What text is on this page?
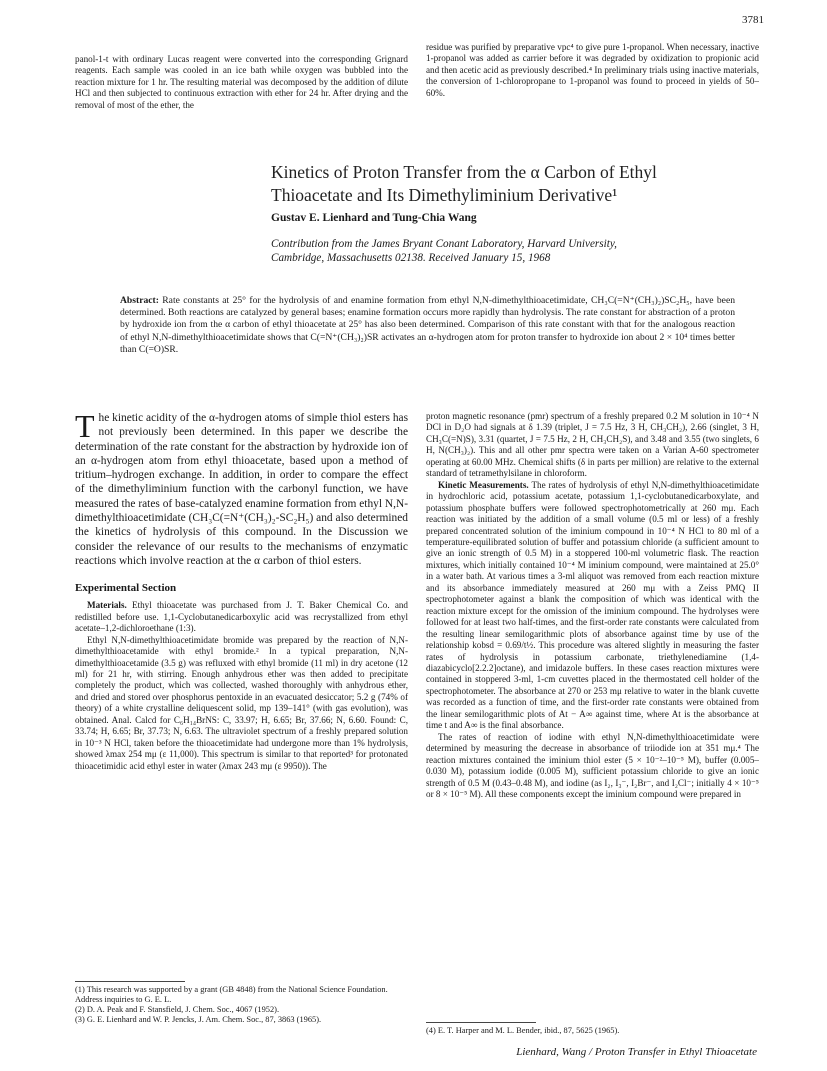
3781

panol-1-t with ordinary Lucas reagent were converted into the corresponding Grignard reagents. Each sample was cooled in an ice bath while oxygen was bubbled into the reaction mixture for 1 hr. The resulting material was decomposed by the addition of dilute HCl and then subjected to continuous extraction with ether for 24 hr. After drying and the removal of most of the ether, the

residue was purified by preparative vpc⁴ to give pure 1-propanol. When necessary, inactive 1-propanol was added as carrier before it was degraded by oxidization to propionic acid and then acetic acid as previously described.⁴ In preliminary trials using inactive materials, the conversion of 1-chloropropane to 1-propanol was found to proceed in yields of 50–60%.

Kinetics of Proton Transfer from the α Carbon of Ethyl
Thioacetate and Its Dimethyliminium Derivative¹
Gustav E. Lienhard and Tung-Chia Wang
Contribution from the James Bryant Conant Laboratory, Harvard University,
Cambridge, Massachusetts 02138. Received January 15, 1968
Abstract: Rate constants at 25° for the hydrolysis of and enamine formation from ethyl N,N-dimethylthioacetimidate, CH₃C(=N⁺(CH₃)₂)SC₂H₅, have been determined. Both reactions are catalyzed by general bases; enamine formation occurs more rapidly than hydrolysis. The rate constant for abstraction of a proton by hydroxide ion from the α carbon of ethyl thioacetate at 25° has also been determined. Comparison of this rate constant with that for the analogous reaction of ethyl N,N-dimethylthioacetimidate shows that C(=N⁺(CH₃)₂)SR activates an α-hydrogen atom for proton transfer to hydroxide ion about 2 × 10⁴ times better than C(=O)SR.
The kinetic acidity of the α-hydrogen atoms of simple thiol esters has not previously been determined. In this paper we describe the determination of the rate constant for the abstraction by hydroxide ion of an α-hydrogen atom from ethyl thioacetate, based upon a method of tritium–hydrogen exchange. In addition, in order to compare the effect of the dimethyliminium function with the carbonyl function, we have measured the rates of base-catalyzed enamine formation from ethyl N,N-dimethylthioacetimidate (CH₃C(=N⁺(CH₃)₂-SC₂H₅) and also determined the kinetics of hydrolysis of this compound. In the Discussion we consider the relevance of our results to the mechanisms of enzymatic reactions which involve reaction at the α carbon of thiol esters.
Experimental Section

Materials. Ethyl thioacetate was purchased from J. T. Baker Chemical Co. and redistilled before use. 1,1-Cyclobutanedicarboxylic acid was recrystallized from ethyl acetate–1,2-dichloroethane (1:3).

Ethyl N,N-dimethylthioacetimidate bromide was prepared by the reaction of N,N-dimethylthioacetamide with ethyl bromide.² In a typical preparation, N,N-dimethylthioacetamide (3.5 g) was refluxed with ethyl bromide (11 ml) in dry acetone (12 ml) for 21 hr, with stirring. Enough anhydrous ether was then added to precipitate completely the product, which was collected, washed thoroughly with anhydrous ether, and dried and stored over phosphorus pentoxide in an evacuated desiccator; 5.2 g (74% of theory) of a white crystalline deliquescent solid, mp 139–141° (with gas evolution), was obtained. Anal. Calcd for C₆H₁₄BrNS: C, 33.97; H, 6.65; Br, 37.66; N, 6.60. Found: C, 33.74; H, 6.65; Br, 37.73; N, 6.63. The ultraviolet spectrum of a freshly prepared solution in 10⁻³ N HCl, taken before the thioacetimidate had undergone more than 1% hydrolysis, showed λmax 254 mμ (ε 11,000). This spectrum is similar to that reported³ for protonated thioacetimidic acid ethyl ester in water (λmax 243 mμ (ε 9950)). The

proton magnetic resonance (pmr) spectrum of a freshly prepared 0.2 M solution in 10⁻⁴ N DCl in D₂O had signals at δ 1.39 (triplet, J = 7.5 Hz, 3 H, CH₃CH₂), 2.66 (singlet, 3 H, CH₃C(=N)S), 3.31 (quartet, J = 7.5 Hz, 2 H, CH₃CH₂S), and 3.48 and 3.55 (two singlets, 6 H, N(CH₃)₂). This and all other pmr spectra were taken on a Varian A-60 spectrometer operating at 60.00 MHz. Chemical shifts (δ in parts per million) are relative to the external standard of tetramethylsilane in chloroform.

Kinetic Measurements. The rates of hydrolysis of ethyl N,N-dimethylthioacetimidate in hydrochloric acid, potassium acetate, potassium 1,1-cyclobutanedicarboxylate, and potassium phosphate buffers were followed spectrophotometrically at 260 mμ. Each reaction was initiated by the addition of a small volume (0.5 ml or less) of a freshly prepared concentrated solution of the iminium compound in 10⁻⁴ N HCl to 80 ml of a temperature-equilibrated solution of buffer and potassium chloride (a sufficient amount to give an ionic strength of 0.5 M) in a stoppered 100-ml volumetric flask. The reaction mixtures, which initially contained 10⁻⁴ M iminium compound, were maintained at 25.0° in a water bath. At various times a 3-ml aliquot was removed from each reaction mixture and its absorbance immediately measured at 260 mμ with a Zeiss PMQ II spectrophotometer against a blank the composition of which was identical with the reaction mixture except for the omission of the iminium compound. The hydrolyses were followed for at least two half-times, and the first-order rate constants were calculated from the resulting linear semilogarithmic plots of absorbance against time by use of the relationship kobsd = 0.69/t½. This procedure was altered slightly in measuring the faster rates of hydrolysis in potassium carbonate, triethylenediamine (1,4-diazabicyclo[2.2.2]octane), and imidazole buffers. In these cases reaction mixtures were contained in stoppered 3-ml, 1-cm cuvettes placed in the thermostated cell holder of the spectrophotometer. The absorbance at 270 or 253 mμ relative to water in the blank cuvette was recorded as a function of time, and the first-order rate constants were obtained from the linear semilogarithmic plots of At − A∞ against time, where At is the absorbance at time t and A∞ is the final absorbance.

The rates of reaction of iodine with ethyl N,N-dimethylthioacetimidate were determined by measuring the decrease in absorbance of triiodide ion at 351 mμ.⁴ The reaction mixtures contained the iminium thiol ester (5 × 10⁻²–10⁻⁵ M), buffer (0.005–0.030 M), potassium iodide (0.005 M), sufficient potassium chloride to give an ionic strength of 0.5 M (0.43–0.48 M), and iodine (as I₂, I₃⁻, I₂Br⁻, and I₂Cl⁻; initially 4 × 10⁻⁵ or 8 × 10⁻⁵ M). All these components except the iminium compound were prepared in

(1) This research was supported by a grant (GB 4848) from the National Science Foundation. Address inquiries to G. E. L.

(2) D. A. Peak and F. Stansfield, J. Chem. Soc., 4067 (1952).

(3) G. E. Lienhard and W. P. Jencks, J. Am. Chem. Soc., 87, 3863 (1965).

(4) E. T. Harper and M. L. Bender, ibid., 87, 5625 (1965).

Lienhard, Wang / Proton Transfer in Ethyl Thioacetate
